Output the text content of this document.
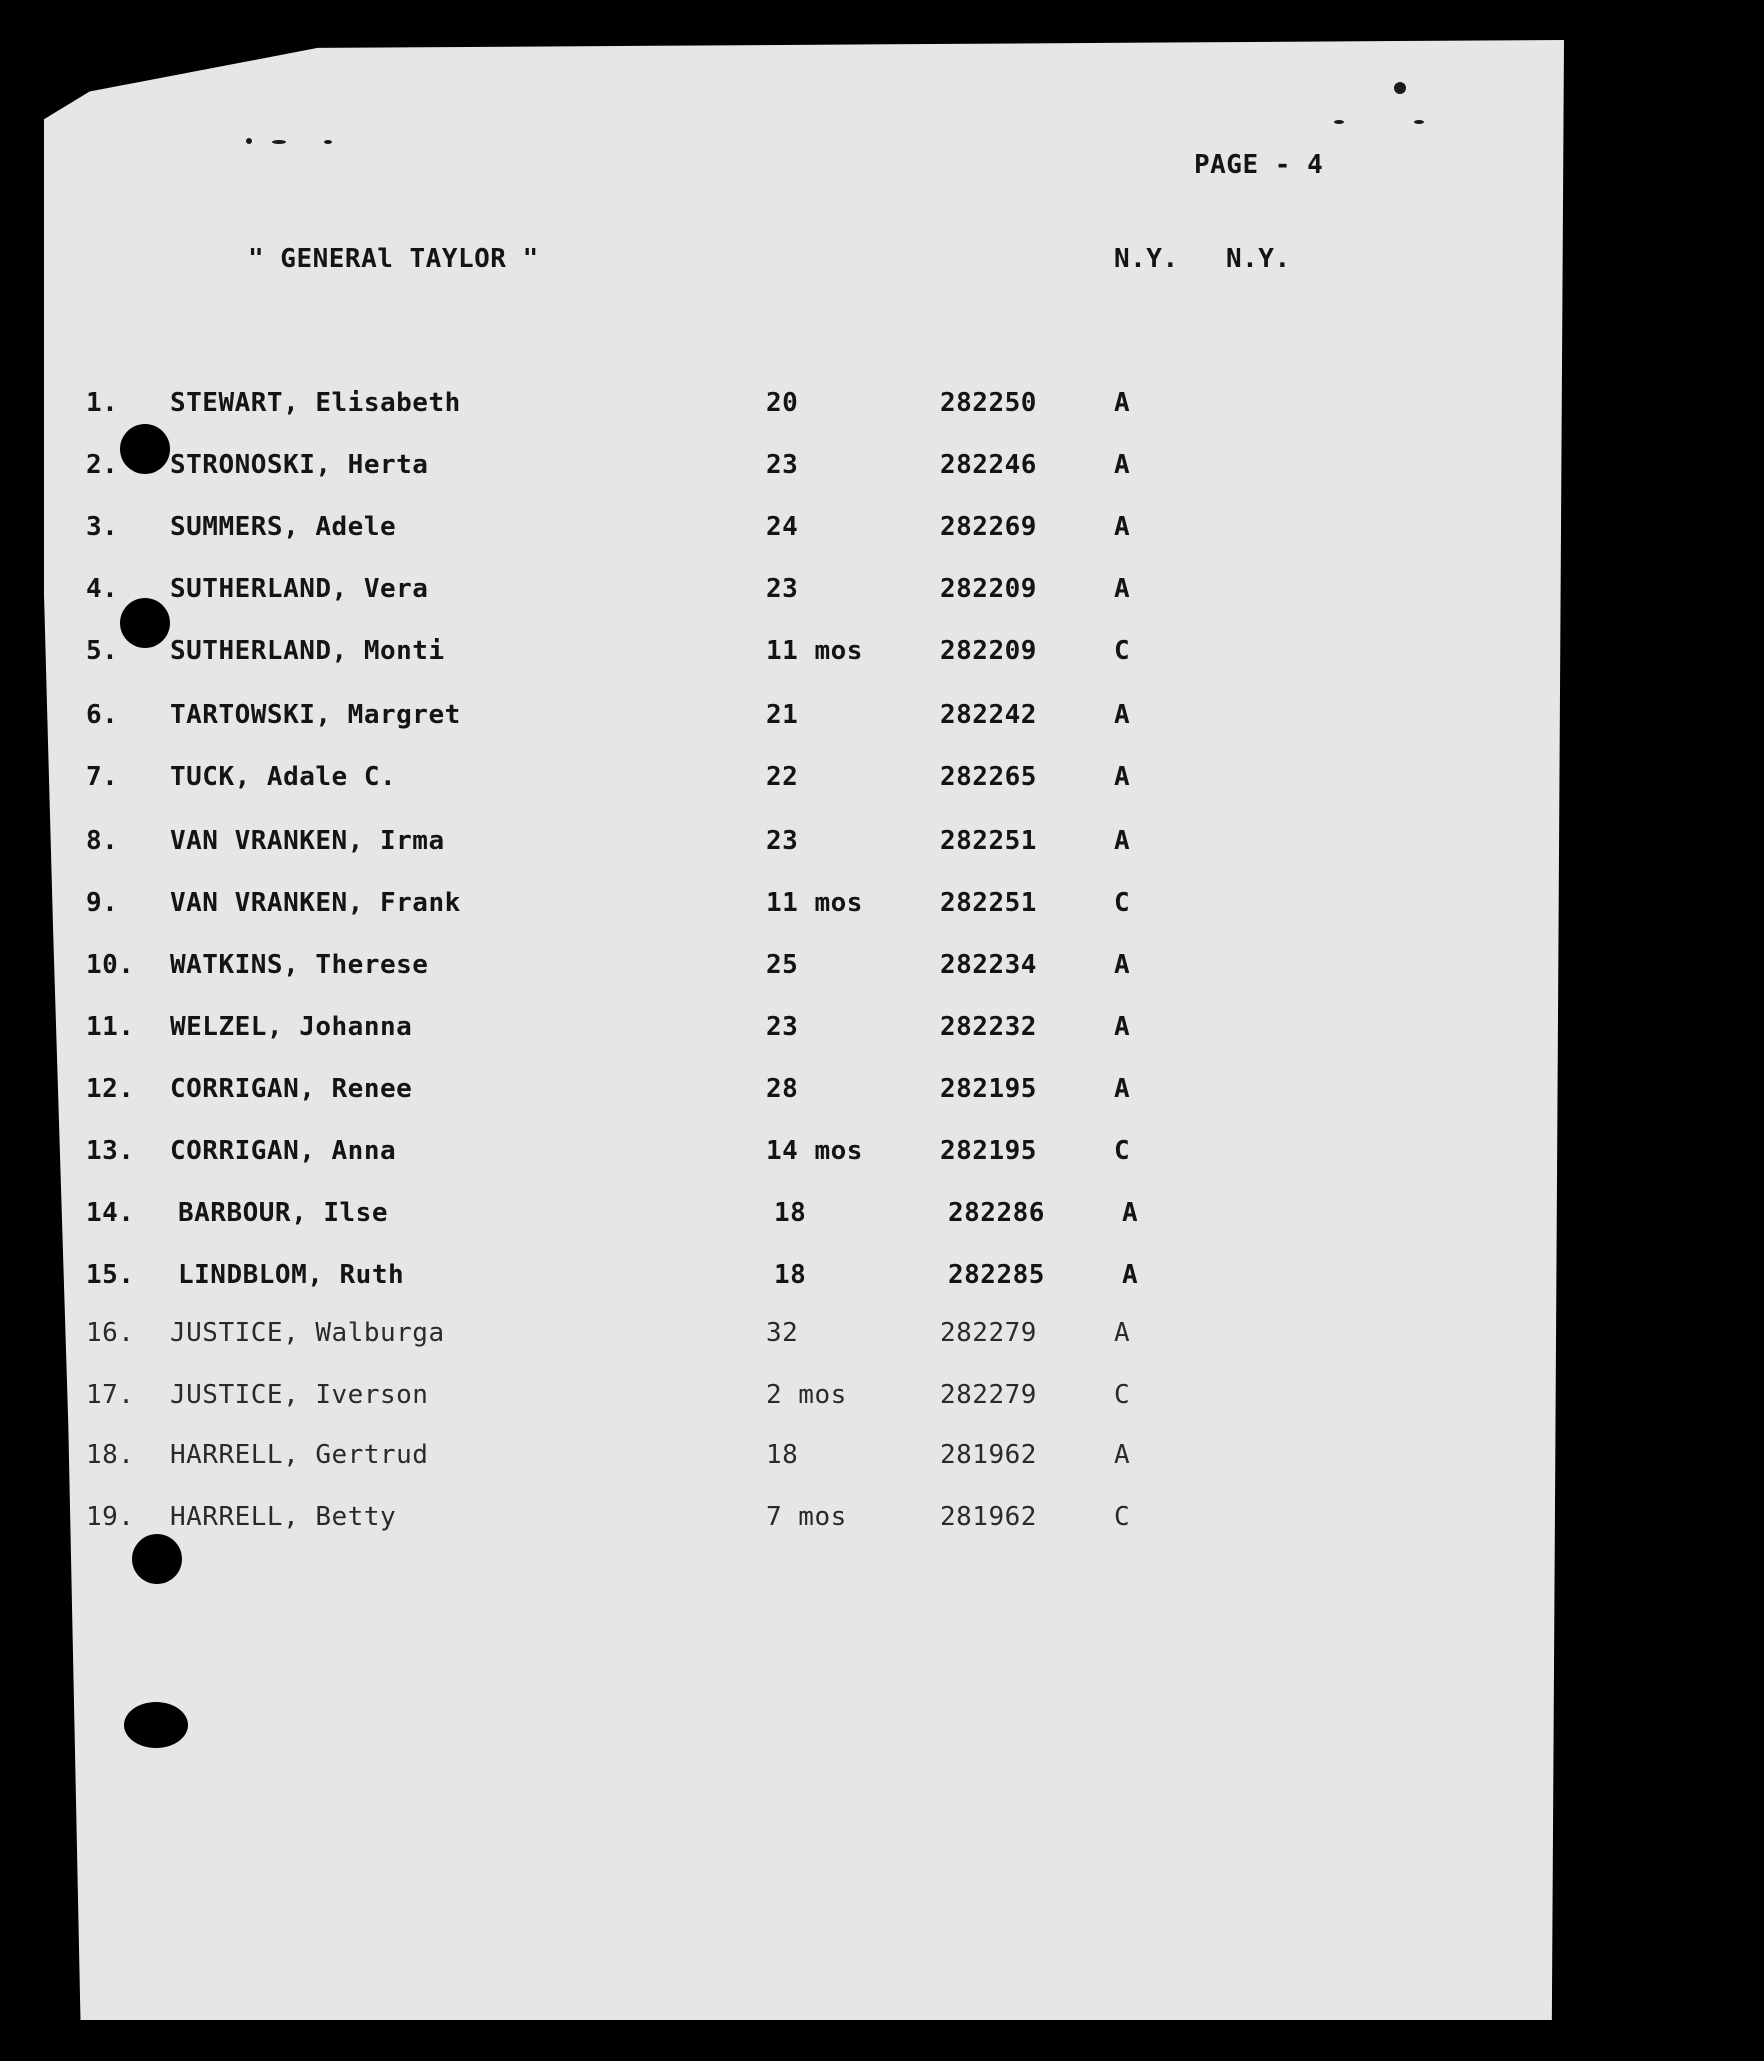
PAGE - 4
" GENERAl TAYLOR "	N.Y. N.Y.
1. STEWART, Elisabeth	20	282250	A
2. STRONOSKI, Herta	23	282246	A
3. SUMMERS, Adele	24	282269	A
4. SUTHERLAND, Vera	23	282209	A
5. SUTHERLAND, Monti	11 mos	282209	C
6. TARTOWSKI, Margret	21	282242	A
7. TUCK, Adale C.	22	282265	A
8. VAN VRANKEN, Irma	23	282251	A
9. VAN VRANKEN, Frank	11 mos	282251	C
10. WATKINS, Therese	25	282234	A
11. WELZEL, Johanna	23	282232	A
12. CORRIGAN, Renee	28	282195	A
13. CORRIGAN, Anna	14 mos	282195	C
14. BARBOUR, Ilse	18	282286	A
15. LINDBLOM, Ruth	18	282285	A
16. JUSTICE, Walburga	32	282279	A
17. JUSTICE, Iverson	2 mos	282279	C
18. HARRELL, Gertrud	18	281962	A
19. HARRELL, Betty	7 mos	281962	C
